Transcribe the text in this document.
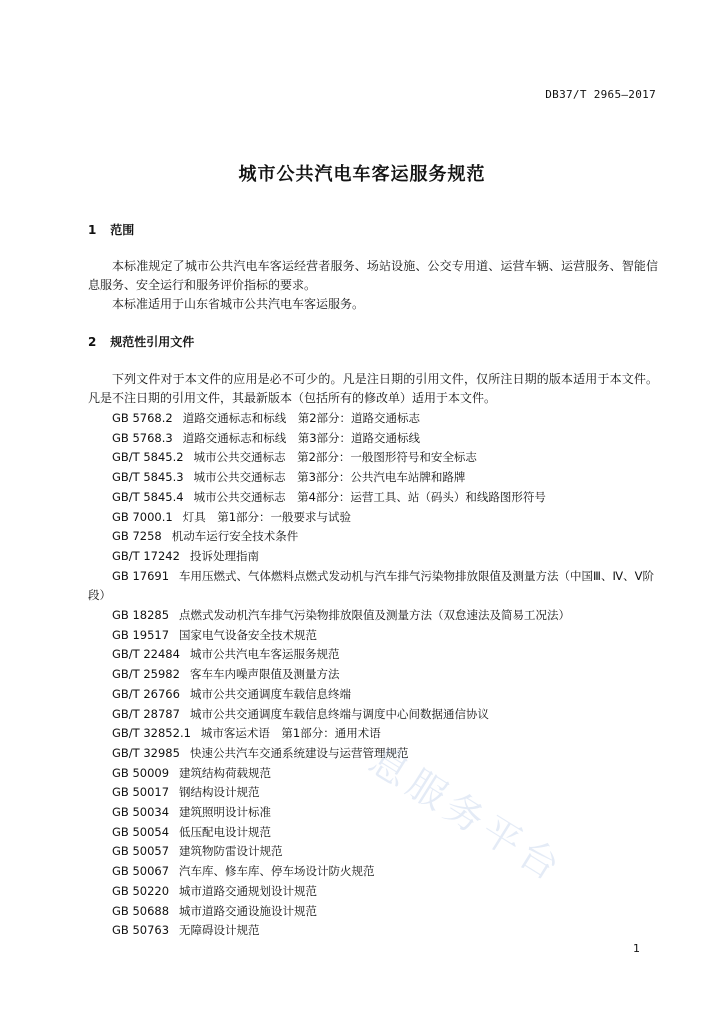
DB37/T 2965—2017
城市公共汽电车客运服务规范
1 范围
本标准规定了城市公共汽电车客运经营者服务、场站设施、公交专用道、运营车辆、运营服务、智能信息服务、安全运行和服务评价指标的要求。
本标准适用于山东省城市公共汽电车客运服务。
2 规范性引用文件
下列文件对于本文件的应用是必不可少的。凡是注日期的引用文件，仅所注日期的版本适用于本文件。凡是不注日期的引用文件，其最新版本（包括所有的修改单）适用于本文件。
GB 5768.2 道路交通标志和标线　第2部分：道路交通标志
GB 5768.3 道路交通标志和标线　第3部分：道路交通标线
GB/T 5845.2 城市公共交通标志　第2部分：一般图形符号和安全标志
GB/T 5845.3 城市公共交通标志　第3部分：公共汽电车站牌和路牌
GB/T 5845.4 城市公共交通标志　第4部分：运营工具、站（码头）和线路图形符号
GB 7000.1 灯具　第1部分：一般要求与试验
GB 7258 机动车运行安全技术条件
GB/T 17242 投诉处理指南
GB 17691 车用压燃式、气体燃料点燃式发动机与汽车排气污染物排放限值及测量方法（中国Ⅲ、Ⅳ、Ⅴ阶段）
GB 18285 点燃式发动机汽车排气污染物排放限值及测量方法（双怠速法及简易工况法）
GB 19517 国家电气设备安全技术规范
GB/T 22484 城市公共汽电车客运服务规范
GB/T 25982 客车车内噪声限值及测量方法
GB/T 26766 城市公共交通调度车载信息终端
GB/T 28787 城市公共交通调度车载信息终端与调度中心间数据通信协议
GB/T 32852.1 城市客运术语　第1部分：通用术语
GB/T 32985 快速公共汽车交通系统建设与运营管理规范
GB 50009 建筑结构荷载规范
GB 50017 钢结构设计规范
GB 50034 建筑照明设计标准
GB 50054 低压配电设计规范
GB 50057 建筑物防雷设计规范
GB 50067 汽车库、修车库、停车场设计防火规范
GB 50220 城市道路交通规划设计规范
GB 50688 城市道路交通设施设计规范
GB 50763 无障碍设计规范
息服务平台
1
